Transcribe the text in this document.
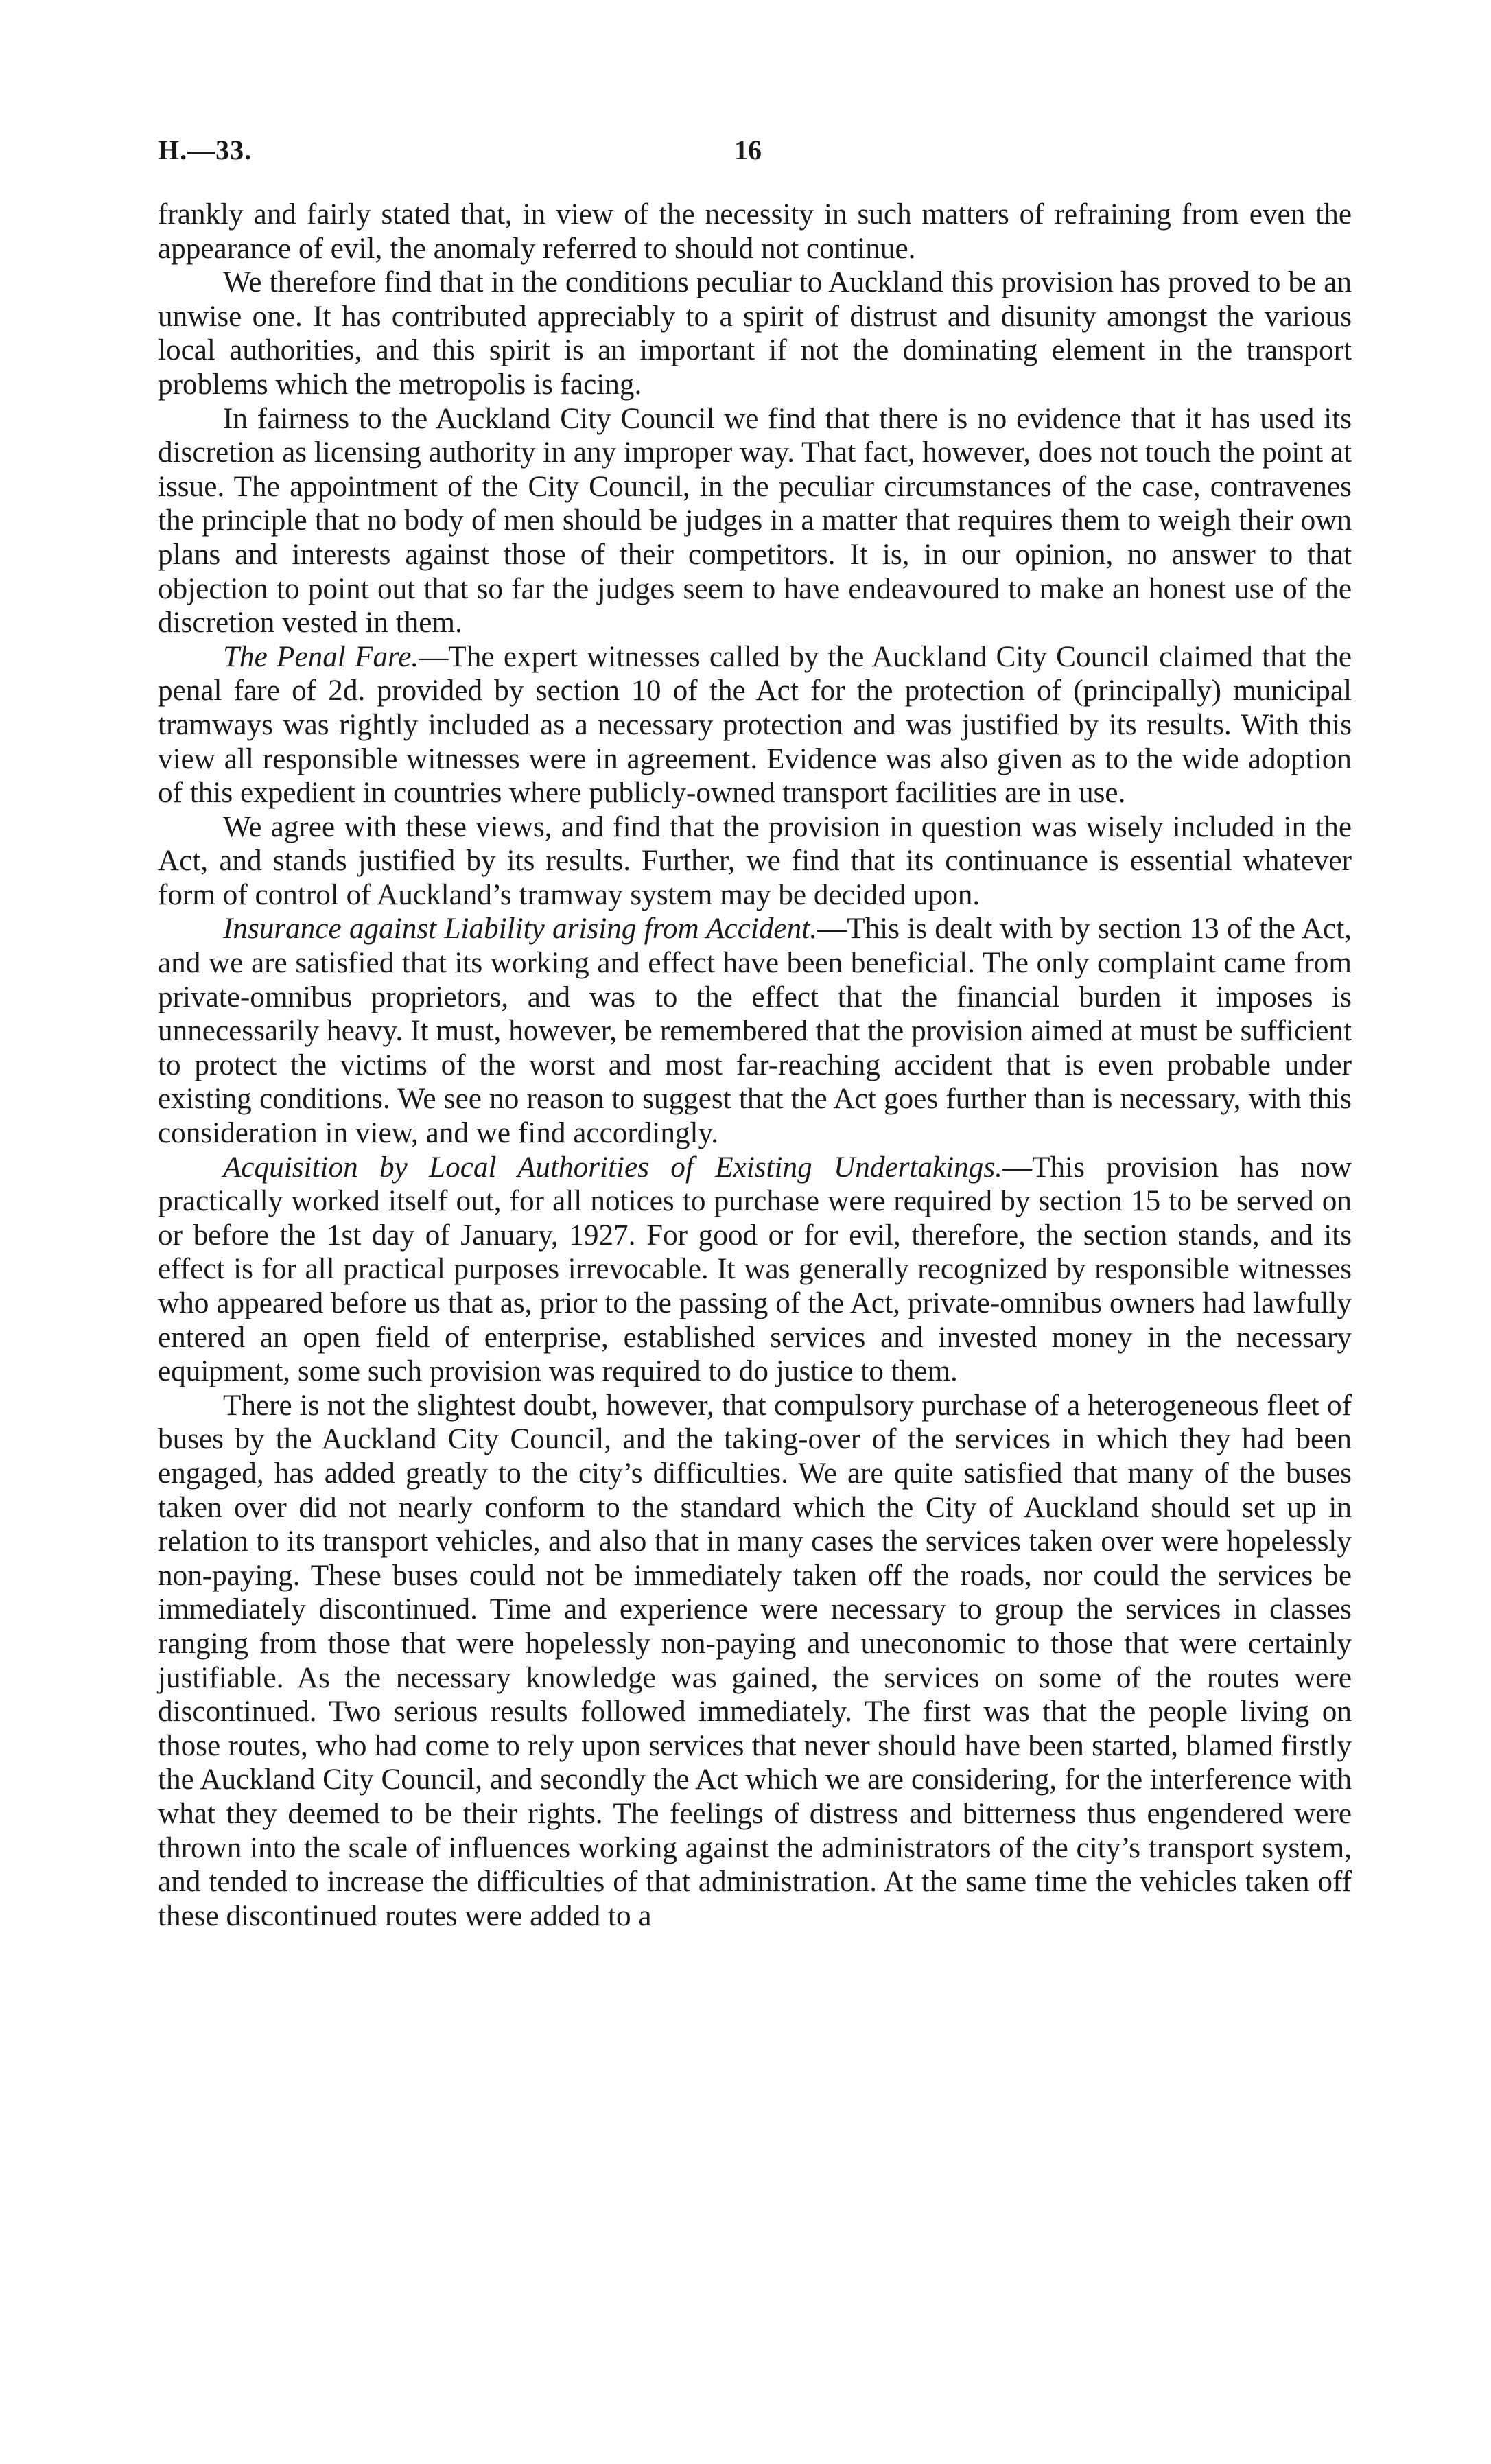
H.—33.	16

frankly and fairly stated that, in view of the necessity in such matters of refraining from even the appearance of evil, the anomaly referred to should not continue.

We therefore find that in the conditions peculiar to Auckland this provision has proved to be an unwise one. It has contributed appreciably to a spirit of distrust and disunity amongst the various local authorities, and this spirit is an important if not the dominating element in the transport problems which the metropolis is facing.

In fairness to the Auckland City Council we find that there is no evidence that it has used its discretion as licensing authority in any improper way. That fact, however, does not touch the point at issue. The appointment of the City Council, in the peculiar circumstances of the case, contravenes the principle that no body of men should be judges in a matter that requires them to weigh their own plans and interests against those of their competitors. It is, in our opinion, no answer to that objection to point out that so far the judges seem to have endeavoured to make an honest use of the discretion vested in them.

The Penal Fare.—The expert witnesses called by the Auckland City Council claimed that the penal fare of 2d. provided by section 10 of the Act for the protection of (principally) municipal tramways was rightly included as a necessary protection and was justified by its results. With this view all responsible witnesses were in agreement. Evidence was also given as to the wide adoption of this expedient in countries where publicly-owned transport facilities are in use.

We agree with these views, and find that the provision in question was wisely included in the Act, and stands justified by its results. Further, we find that its continuance is essential whatever form of control of Auckland’s tramway system may be decided upon.

Insurance against Liability arising from Accident.—This is dealt with by section 13 of the Act, and we are satisfied that its working and effect have been beneficial. The only complaint came from private-omnibus proprietors, and was to the effect that the financial burden it imposes is unnecessarily heavy. It must, however, be remembered that the provision aimed at must be sufficient to protect the victims of the worst and most far-reaching accident that is even probable under existing conditions. We see no reason to suggest that the Act goes further than is necessary, with this consideration in view, and we find accordingly.

Acquisition by Local Authorities of Existing Undertakings.—This provision has now practically worked itself out, for all notices to purchase were required by section 15 to be served on or before the 1st day of January, 1927. For good or for evil, therefore, the section stands, and its effect is for all practical purposes irrevocable. It was generally recognized by responsible witnesses who appeared before us that as, prior to the passing of the Act, private-omnibus owners had lawfully entered an open field of enterprise, established services and invested money in the necessary equipment, some such provision was required to do justice to them.

There is not the slightest doubt, however, that compulsory purchase of a heterogeneous fleet of buses by the Auckland City Council, and the taking-over of the services in which they had been engaged, has added greatly to the city’s difficulties. We are quite satisfied that many of the buses taken over did not nearly conform to the standard which the City of Auckland should set up in relation to its transport vehicles, and also that in many cases the services taken over were hopelessly non-paying. These buses could not be immediately taken off the roads, nor could the services be immediately discontinued. Time and experience were necessary to group the services in classes ranging from those that were hopelessly non-paying and uneconomic to those that were certainly justifiable. As the necessary knowledge was gained, the services on some of the routes were discontinued. Two serious results followed immediately. The first was that the people living on those routes, who had come to rely upon services that never should have been started, blamed firstly the Auckland City Council, and secondly the Act which we are considering, for the interference with what they deemed to be their rights. The feelings of distress and bitterness thus engendered were thrown into the scale of influences working against the administrators of the city’s transport system, and tended to increase the difficulties of that administration. At the same time the vehicles taken off these discontinued routes were added to a
